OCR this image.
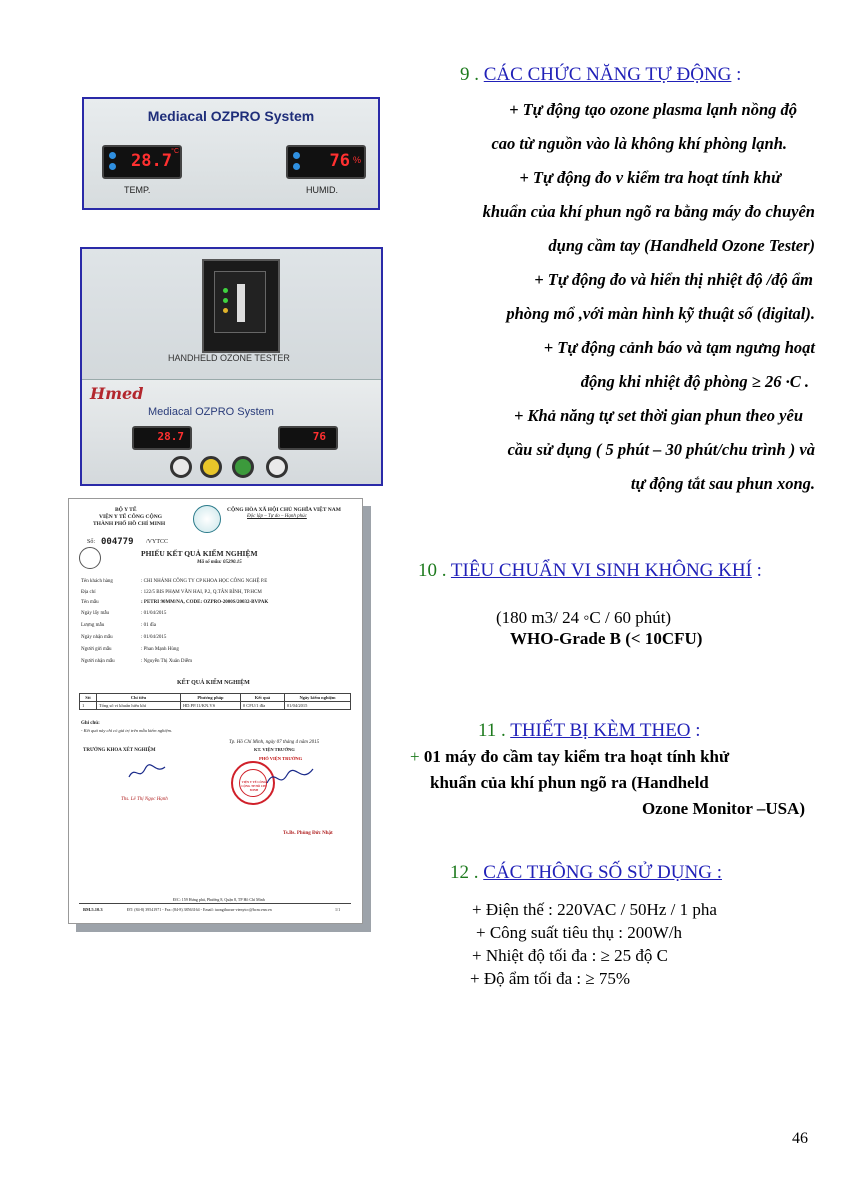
Mediacal OZPRO System
28.7 °C
TEMP.
76 %
HUMID.
HANDHELD OZONE TESTER
Hmed
Mediacal OZPRO System
28.7	76
BỘ Y TẾ
VIỆN Y TẾ CÔNG CỘNG
THÀNH PHỐ HỒ CHÍ MINH
CỘNG HÒA XÃ HỘI CHỦ NGHĨA VIỆT NAM
Độc lập – Tự do – Hạnh phúc
Số: 004779 /VYTCC
PHIẾU KẾT QUẢ KIỂM NGHIỆM
Mã số mẫu: 05290.15
Tên khách hàng	: CHI NHÁNH CÔNG TY CP KHOA HỌC CÔNG NGHỆ P.E
Địa chỉ	: 122/5 BIS PHẠM VĂN HAI, P.2, Q.TÂN BÌNH, TP.HCM
Tên mẫu	: PETRI 90MM/NA, CODE: OZPRO-2000S/20032-BVPAK
Ngày lấy mẫu	: 01/04/2015
Lượng mẫu	: 01 đĩa
Ngày nhận mẫu	: 01/04/2015
Người gửi mẫu	: Phan Mạnh Hùng
Người nhận mẫu	: Nguyễn Thị Xuân Diễm
KẾT QUẢ KIỂM NGHIỆM
Stt	Chỉ tiêu	Phương pháp	Kết quả	Ngày kiểm nghiệm
1	Tổng số vi khuẩn hiếu khí	HD.PP.11/KN.VS	0 CFU/1 đĩa	01/04/2015
Ghi chú:
- Kết quả này chỉ có giá trị trên mẫu kiểm nghiệm.
Tp. Hồ Chí Minh, ngày 07 tháng 4 năm 2015
KT. VIỆN TRƯỞNG
TRƯỞNG KHOA XÉT NGHIỆM
PHÓ VIỆN TRƯỞNG
VIỆN Y TẾ CÔNG CỘNG TP HỒ CHÍ MINH
Ths. Lê Thị Ngọc Hạnh
Ts.Bs. Phùng Đức Nhật
Đ/C: 159 Hưng phú, Phường 8, Quận 8, TP Hồ Chí Minh
BM.5.10.3	ĐT: (84-8) 39541971 - Fax: (84-8) 38563164 - Email: iuongthucsn-vienytcc@hcm.vnn.vn	1/1
9 . CÁC CHỨC NĂNG TỰ ĐỘNG :
+ Tự động tạo ozone plasma lạnh nồng độ
cao từ nguồn vào là không khí phòng lạnh.
+ Tự động đo v kiểm tra hoạt tính khử
khuẩn của khí phun ngõ ra bằng máy đo chuyên
dụng cầm tay (Handheld Ozone Tester)
+ Tự động đo và hiển thị nhiệt độ /độ ẩm
phòng mổ ,với màn hình kỹ thuật số (digital).
+ Tự động cảnh báo và tạm ngưng hoạt
động khi nhiệt độ phòng ≥ 26 ·C .
+ Khả năng tự set thời gian phun theo yêu
cầu sử dụng ( 5 phút – 30 phút/chu trình ) và
tự động tắt sau phun xong.
10 . TIÊU CHUẨN VI SINH KHÔNG KHÍ :
(180 m3/ 24 ◦C / 60 phút)
WHO-Grade B (< 10CFU)
11 . THIẾT BỊ KÈM THEO :
+ 01 máy đo cầm tay kiểm tra hoạt tính khử
khuẩn của khí phun ngõ ra (Handheld
Ozone Monitor –USA)
12 . CÁC THÔNG SỐ SỬ DỤNG :
+ Điện thế : 220VAC / 50Hz / 1 pha
+ Công suất tiêu thụ : 200W/h
+ Nhiệt độ tối đa : ≥ 25 độ C
+ Độ ẩm tối đa : ≥ 75%
46
